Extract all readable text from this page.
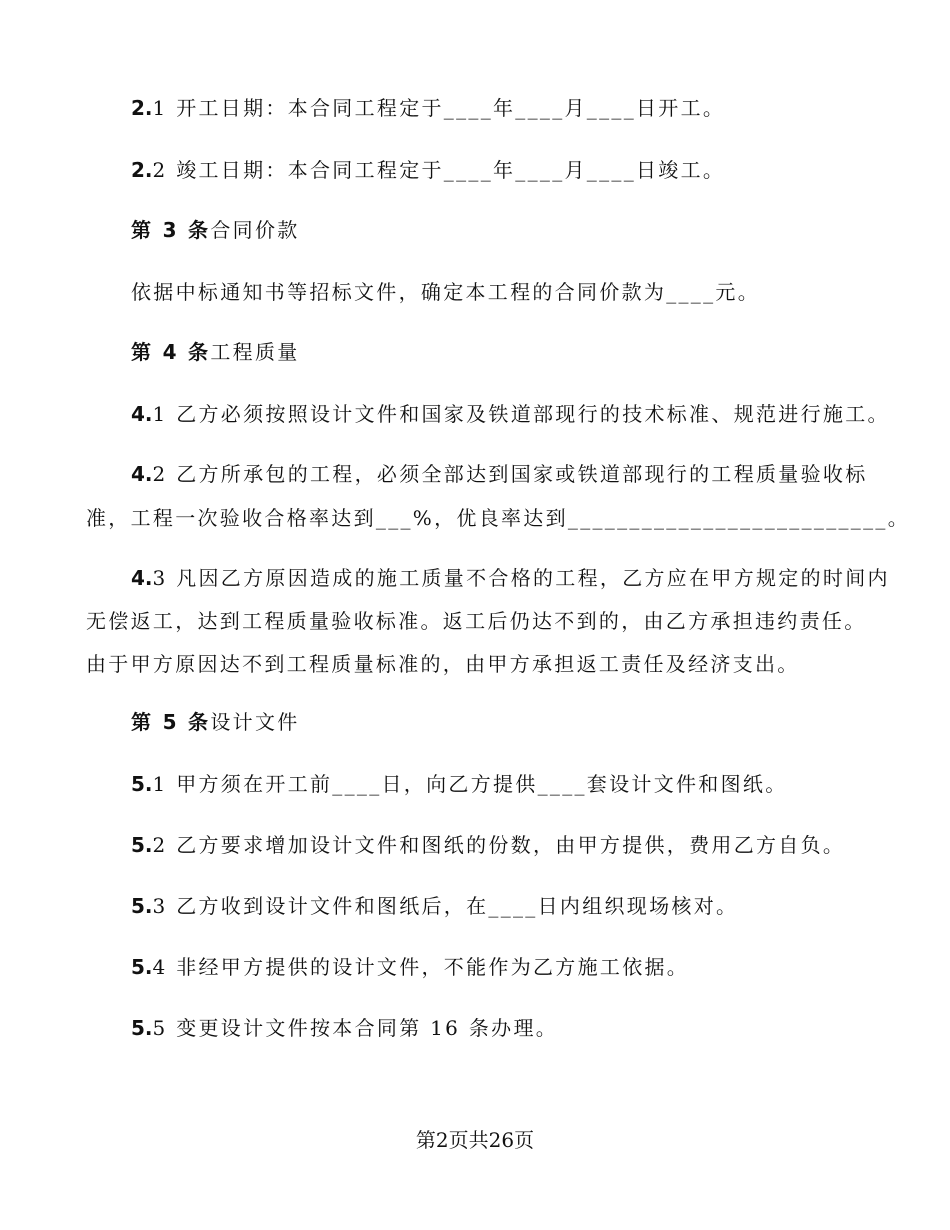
2.1 开工日期：本合同工程定于____年____月____日开工。
2.2 竣工日期：本合同工程定于____年____月____日竣工。
第 3 条合同价款
依据中标通知书等招标文件，确定本工程的合同价款为____元。
第 4 条工程质量
4.1 乙方必须按照设计文件和国家及铁道部现行的技术标准、规范进行施工。
4.2 乙方所承包的工程，必须全部达到国家或铁道部现行的工程质量验收标
准，工程一次验收合格率达到___%，优良率达到__________________________。
4.3 凡因乙方原因造成的施工质量不合格的工程，乙方应在甲方规定的时间内
无偿返工，达到工程质量验收标准。返工后仍达不到的，由乙方承担违约责任。
由于甲方原因达不到工程质量标准的，由甲方承担返工责任及经济支出。
第 5 条设计文件
5.1 甲方须在开工前____日，向乙方提供____套设计文件和图纸。
5.2 乙方要求增加设计文件和图纸的份数，由甲方提供，费用乙方自负。
5.3 乙方收到设计文件和图纸后，在____日内组织现场核对。
5.4 非经甲方提供的设计文件，不能作为乙方施工依据。
5.5 变更设计文件按本合同第 16 条办理。
第2页共26页
